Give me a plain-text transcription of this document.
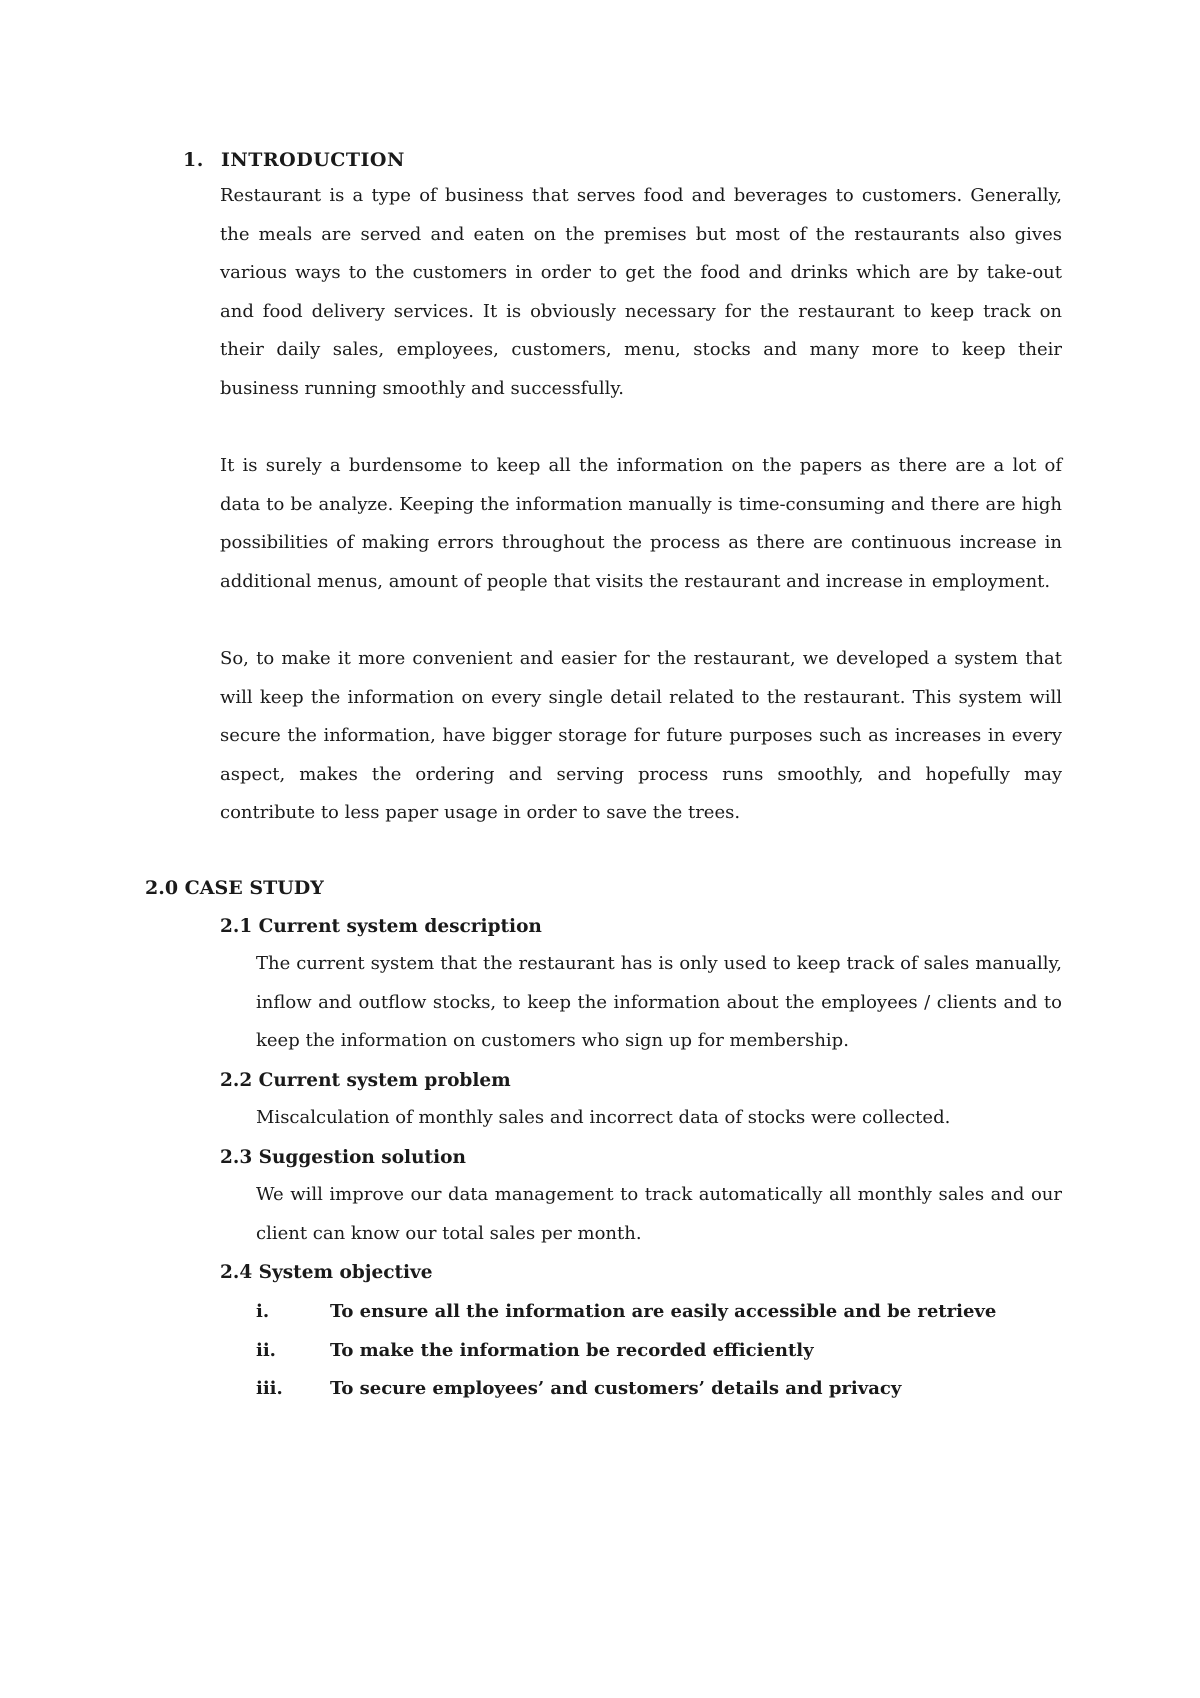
1. INTRODUCTION

Restaurant is a type of business that serves food and beverages to customers. Generally, the meals are served and eaten on the premises but most of the restaurants also gives various ways to the customers in order to get the food and drinks which are by take-out and food delivery services. It is obviously necessary for the restaurant to keep track on their daily sales, employees, customers, menu, stocks and many more to keep their business running smoothly and successfully.

It is surely a burdensome to keep all the information on the papers as there are a lot of data to be analyze. Keeping the information manually is time-consuming and there are high possibilities of making errors throughout the process as there are continuous increase in additional menus, amount of people that visits the restaurant and increase in employment.

So, to make it more convenient and easier for the restaurant, we developed a system that will keep the information on every single detail related to the restaurant. This system will secure the information, have bigger storage for future purposes such as increases in every aspect, makes the ordering and serving process runs smoothly, and hopefully may contribute to less paper usage in order to save the trees.

2.0 CASE STUDY
2.1 Current system description

The current system that the restaurant has is only used to keep track of sales manually, inflow and outflow stocks, to keep the information about the employees / clients and to keep the information on customers who sign up for membership.

2.2 Current system problem

Miscalculation of monthly sales and incorrect data of stocks were collected.

2.3 Suggestion solution

We will improve our data management to track automatically all monthly sales and our client can know our total sales per month.

2.4 System objective
i.	To ensure all the information are easily accessible and be retrieve
ii.	To make the information be recorded efficiently
iii.	To secure employees’ and customers’ details and privacy
